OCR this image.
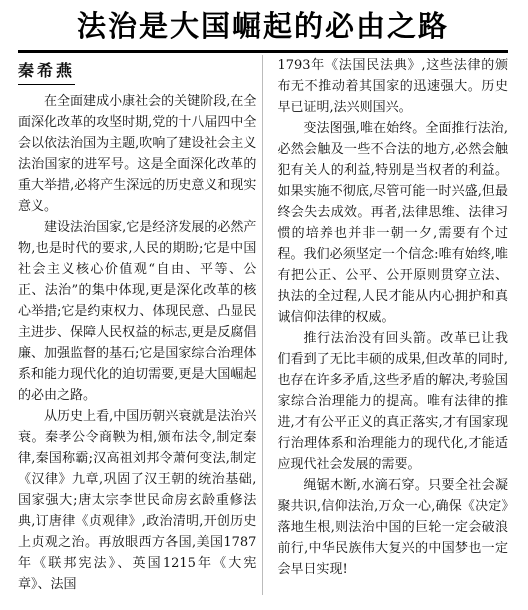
法治是大国崛起的必由之路
秦希燕

在全面建成小康社会的关键阶段,在全面深化改革的攻坚时期,党的十八届四中全会以依法治国为主题,吹响了建设社会主义法治国家的进军号。这是全面深化改革的重大举措,必将产生深远的历史意义和现实意义。

建设法治国家,它是经济发展的必然产物,也是时代的要求,人民的期盼;它是中国社会主义核心价值观“自由、平等、公正、法治”的集中体现,更是深化改革的核心举措;它是约束权力、体现民意、凸显民主进步、保障人民权益的标志,更是反腐倡廉、加强监督的基石;它是国家综合治理体系和能力现代化的迫切需要,更是大国崛起的必由之路。

从历史上看,中国历朝兴衰就是法治兴衰。秦孝公令商鞅为相,颁布法令,制定秦律,秦国称霸;汉高祖刘邦令萧何变法,制定《汉律》九章,巩固了汉王朝的统治基础,国家强大;唐太宗李世民命房玄龄重修法典,订唐律《贞观律》,政治清明,开创历史上贞观之治。再放眼西方各国,美国1787年《联邦宪法》、英国1215年《大宪章》、法国

1793年《法国民法典》,这些法律的颁布无不推动着其国家的迅速强大。历史早已证明,法兴则国兴。

变法图强,唯在始终。全面推行法治,必然会触及一些不合法的地方,必然会触犯有关人的利益,特别是当权者的利益。如果实施不彻底,尽管可能一时兴盛,但最终会失去成效。再者,法律思维、法律习惯的培养也并非一朝一夕,需要有个过程。我们必须坚定一个信念:唯有始终,唯有把公正、公平、公开原则贯穿立法、执法的全过程,人民才能从内心拥护和真诚信仰法律的权威。

推行法治没有回头箭。改革已让我们看到了无比丰硕的成果,但改革的同时,也存在许多矛盾,这些矛盾的解决,考验国家综合治理能力的提高。唯有法律的推进,才有公平正义的真正落实,才有国家现行治理体系和治理能力的现代化,才能适应现代社会发展的需要。

绳锯木断,水滴石穿。只要全社会凝聚共识,信仰法治,万众一心,确保《决定》落地生根,则法治中国的巨轮一定会破浪前行,中华民族伟大复兴的中国梦也一定会早日实现!
